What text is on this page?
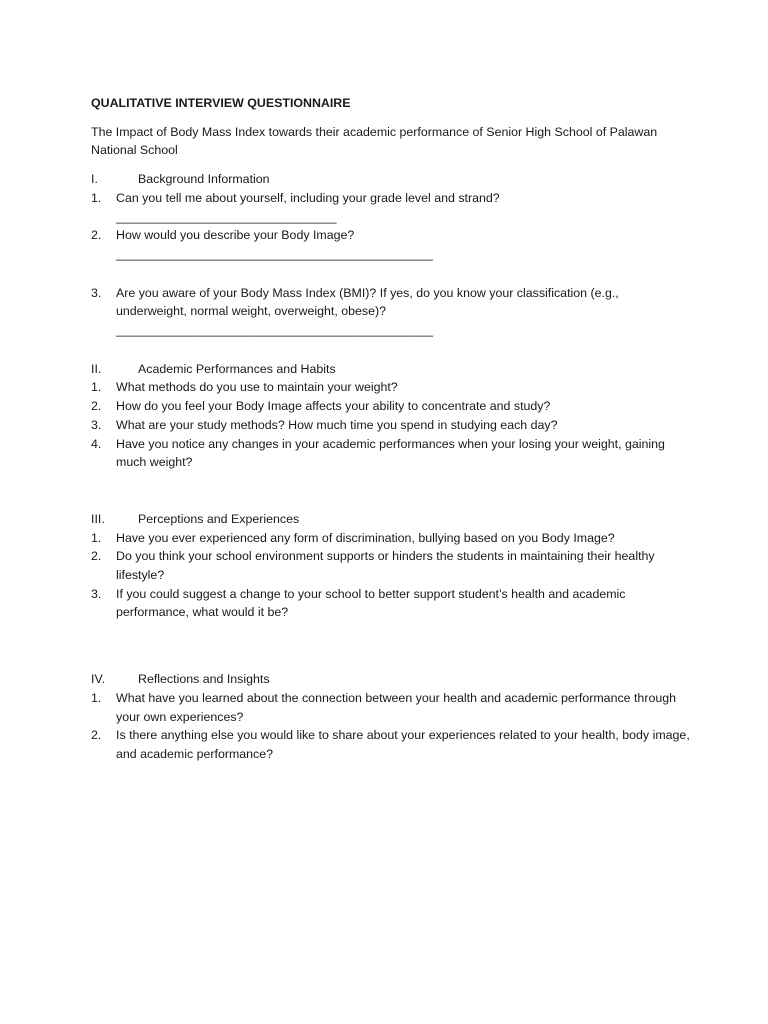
QUALITATIVE INTERVIEW QUESTIONNAIRE
The Impact of Body Mass Index towards their academic performance of Senior High School of Palawan National School
I.	Background Information
1.	Can you tell me about yourself, including your grade level and strand?
________________________________
2.	How would you describe your Body Image?
______________________________________________
3.	Are you aware of your Body Mass Index (BMI)? If yes, do you know your classification (e.g., underweight, normal weight, overweight, obese)?
______________________________________________
II.	Academic Performances and Habits
1.	What methods do you use to maintain your weight?
2.	How do you feel your Body Image affects your ability to concentrate and study?
3.	What are your study methods? How much time you spend in studying each day?
4.	Have you notice any changes in your academic performances when your losing your weight, gaining much weight?
III.	Perceptions and Experiences
1.	Have you ever experienced any form of discrimination, bullying based on you Body Image?
2.	Do you think your school environment supports or hinders the students in maintaining their healthy lifestyle?
3.	If you could suggest a change to your school to better support student’s health and academic performance, what would it be?
IV.	Reflections and Insights
1.	What have you learned about the connection between your health and academic performance through your own experiences?
2.	Is there anything else you would like to share about your experiences related to your health, body image, and academic performance?
